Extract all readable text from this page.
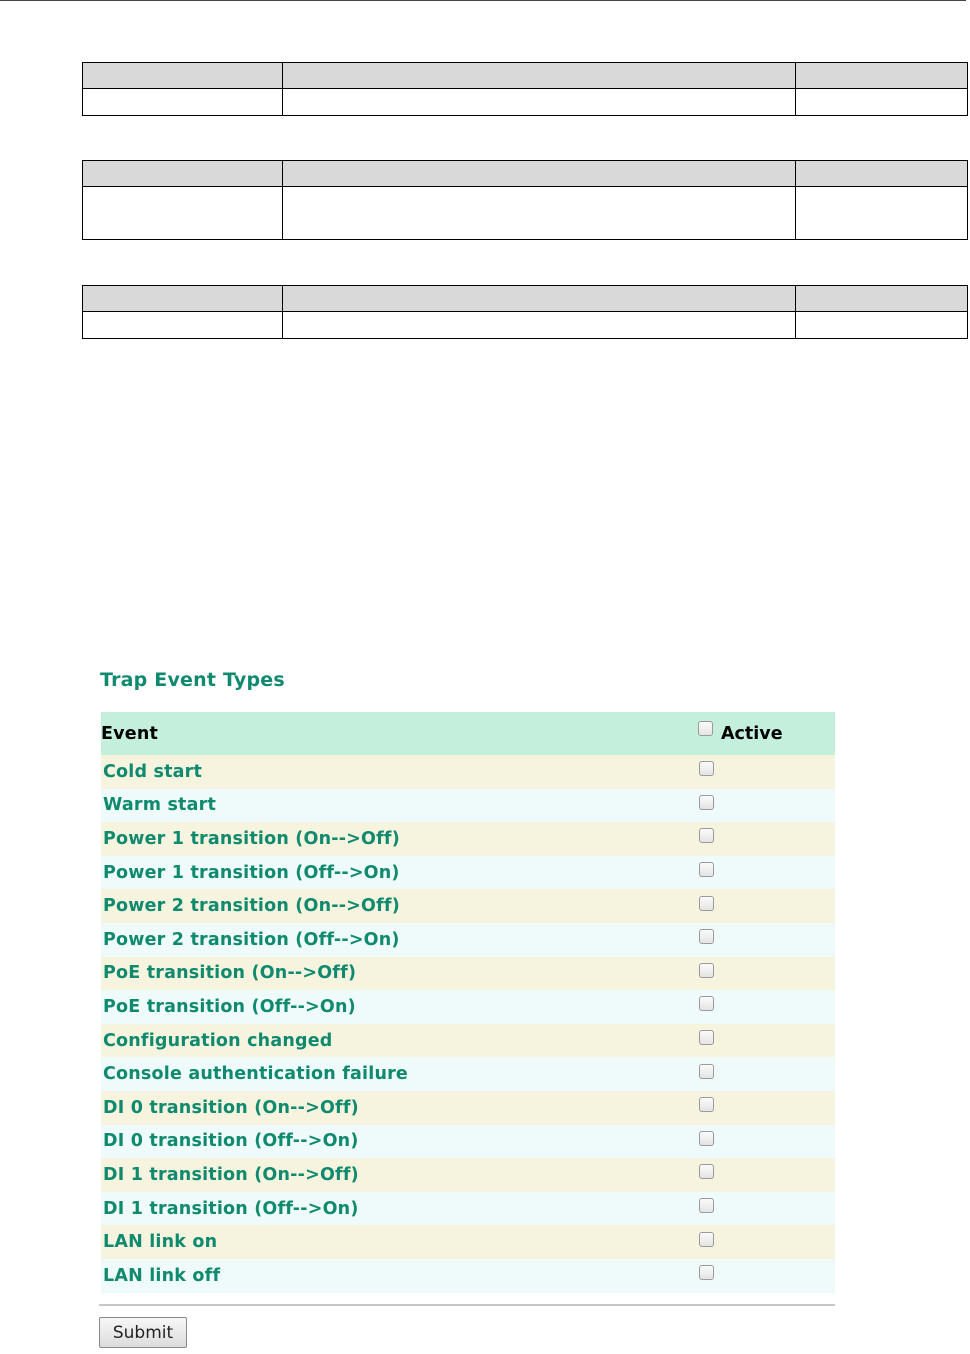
Trap Event Types
Event	Active
Cold start
Warm start
Power 1 transition (On-->Off)
Power 1 transition (Off-->On)
Power 2 transition (On-->Off)
Power 2 transition (Off-->On)
PoE transition (On-->Off)
PoE transition (Off-->On)
Configuration changed
Console authentication failure
DI 0 transition (On-->Off)
DI 0 transition (Off-->On)
DI 1 transition (On-->Off)
DI 1 transition (Off-->On)
LAN link on
LAN link off
Submit
